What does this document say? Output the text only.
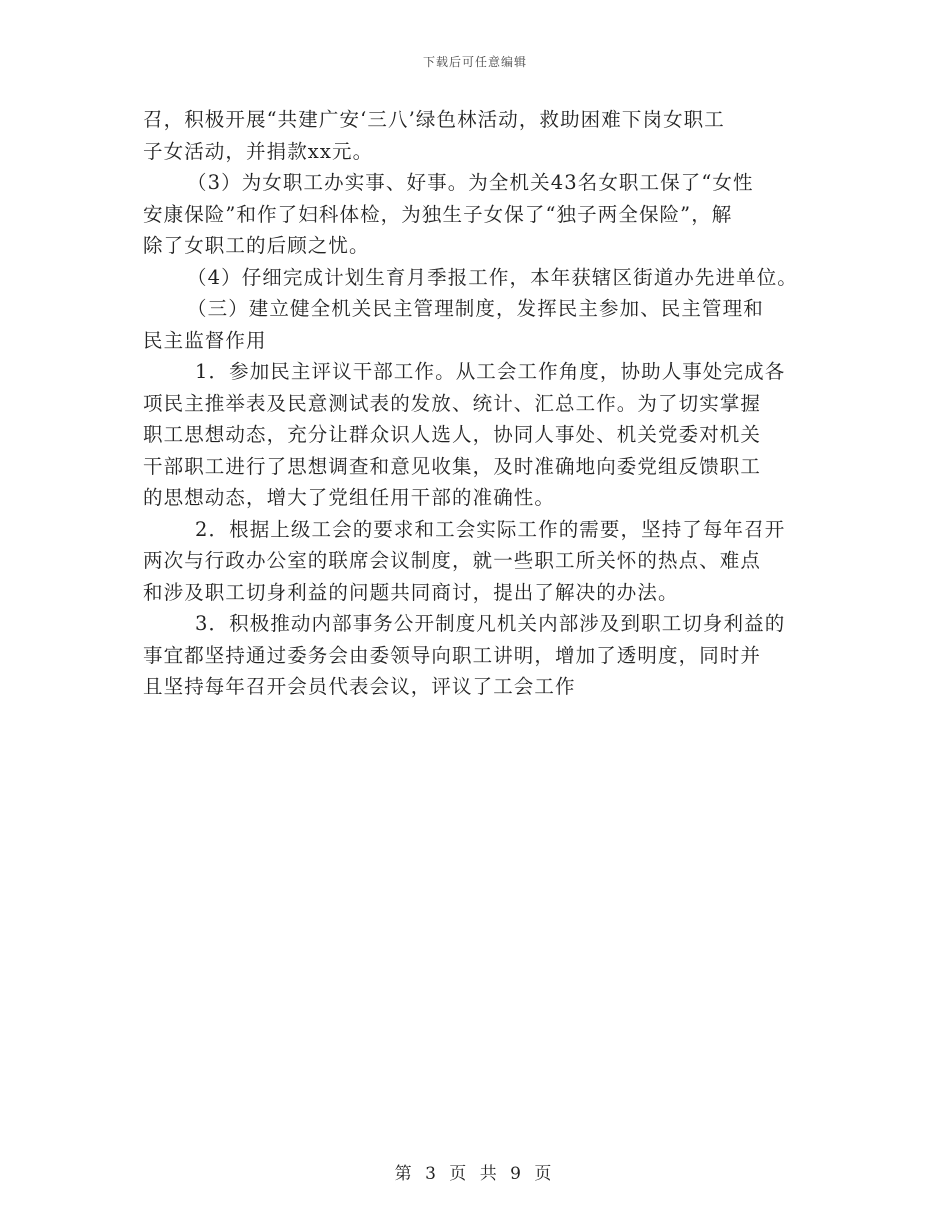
下载后可任意编辑
召，积极开展“共建广安‘三八’绿色林活动，救助困难下岗女职工
子女活动，并捐款xx元。
（3）为女职工办实事、好事。为全机关43名女职工保了“女性
安康保险”和作了妇科体检，为独生子女保了“独子两全保险”，解
除了女职工的后顾之忧。
（4）仔细完成计划生育月季报工作，本年获辖区街道办先进单位。
（三）建立健全机关民主管理制度，发挥民主参加、民主管理和
民主监督作用
1．参加民主评议干部工作。从工会工作角度，协助人事处完成各
项民主推举表及民意测试表的发放、统计、汇总工作。为了切实掌握
职工思想动态，充分让群众识人选人，协同人事处、机关党委对机关
干部职工进行了思想调查和意见收集，及时准确地向委党组反馈职工
的思想动态，增大了党组任用干部的准确性。
2．根据上级工会的要求和工会实际工作的需要，坚持了每年召开
两次与行政办公室的联席会议制度，就一些职工所关怀的热点、难点
和涉及职工切身利益的问题共同商讨，提出了解决的办法。
3．积极推动内部事务公开制度凡机关内部涉及到职工切身利益的
事宜都坚持通过委务会由委领导向职工讲明，增加了透明度，同时并
且坚持每年召开会员代表会议，评议了工会工作
第 3 页 共 9 页
